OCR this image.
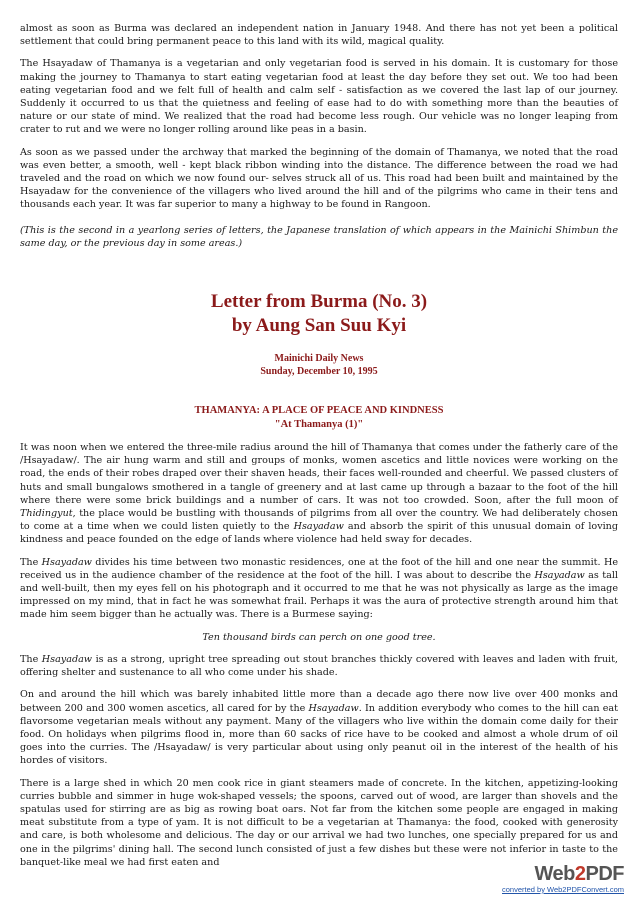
almost as soon as Burma was declared an independent nation in January 1948. And there has not yet been a political settlement that could bring permanent peace to this land with its wild, magical quality.

The Hsayadaw of Thamanya is a vegetarian and only vegetarian food is served in his domain. It is customary for those making the journey to Thamanya to start eating vegetarian food at least the day before they set out. We too had been eating vegetarian food and we felt full of health and calm self - satisfaction as we covered the last lap of our journey. Suddenly it occurred to us that the quietness and feeling of ease had to do with something more than the beauties of nature or our state of mind. We realized that the road had become less rough. Our vehicle was no longer leaping from crater to rut and we were no longer rolling around like peas in a basin.

As soon as we passed under the archway that marked the beginning of the domain of Thamanya, we noted that the road was even better, a smooth, well - kept black ribbon winding into the distance. The difference between the road we had traveled and the road on which we now found our- selves struck all of us. This road had been built and maintained by the Hsayadaw for the convenience of the villagers who lived around the hill and of the pilgrims who came in their tens and thousands each year. It was far superior to many a highway to be found in Rangoon.

(This is the second in a yearlong series of letters, the Japanese translation of which appears in the Mainichi Shimbun the same day, or the previous day in some areas.)

Letter from Burma (No. 3)
by Aung San Suu Kyi
Mainichi Daily News
Sunday, December 10, 1995
THAMANYA: A PLACE OF PEACE AND KINDNESS
"At Thamanya (1)"

It was noon when we entered the three-mile radius around the hill of Thamanya that comes under the fatherly care of the /Hsayadaw/. The air hung warm and still and groups of monks, women ascetics and little novices were working on the road, the ends of their robes draped over their shaven heads, their faces well-rounded and cheerful. We passed clusters of huts and small bungalows smothered in a tangle of greenery and at last came up through a bazaar to the foot of the hill where there were some brick buildings and a number of cars. It was not too crowded. Soon, after the full moon of Thidingyut, the place would be bustling with thousands of pilgrims from all over the country. We had deliberately chosen to come at a time when we could listen quietly to the Hsayadaw and absorb the spirit of this unusual domain of loving kindness and peace founded on the edge of lands where violence had held sway for decades.

The Hsayadaw divides his time between two monastic residences, one at the foot of the hill and one near the summit. He received us in the audience chamber of the residence at the foot of the hill. I was about to describe the Hsayadaw as tall and well-built, then my eyes fell on his photograph and it occurred to me that he was not physically as large as the image impressed on my mind, that in fact he was somewhat frail. Perhaps it was the aura of protective strength around him that made him seem bigger than he actually was. There is a Burmese saying:

Ten thousand birds can perch on one good tree.

The Hsayadaw is as a strong, upright tree spreading out stout branches thickly covered with leaves and laden with fruit, offering shelter and sustenance to all who come under his shade.

On and around the hill which was barely inhabited little more than a decade ago there now live over 400 monks and between 200 and 300 women ascetics, all cared for by the Hsayadaw. In addition everybody who comes to the hill can eat flavorsome vegetarian meals without any payment. Many of the villagers who live within the domain come daily for their food. On holidays when pilgrims flood in, more than 60 sacks of rice have to be cooked and almost a whole drum of oil goes into the curries. The /Hsayadaw/ is very particular about using only peanut oil in the interest of the health of his hordes of visitors.

There is a large shed in which 20 men cook rice in giant steamers made of concrete. In the kitchen, appetizing-looking curries bubble and simmer in huge wok-shaped vessels; the spoons, carved out of wood, are larger than shovels and the spatulas used for stirring are as big as rowing boat oars. Not far from the kitchen some people are engaged in making meat substitute from a type of yam. It is not difficult to be a vegetarian at Thamanya: the food, cooked with generosity and care, is both wholesome and delicious. The day or our arrival we had two lunches, one specially prepared for us and one in the pilgrims' dining hall. The second lunch consisted of just a few dishes but these were not inferior in taste to the banquet-like meal we had first eaten and

Web2PDF
converted by Web2PDFConvert.com
